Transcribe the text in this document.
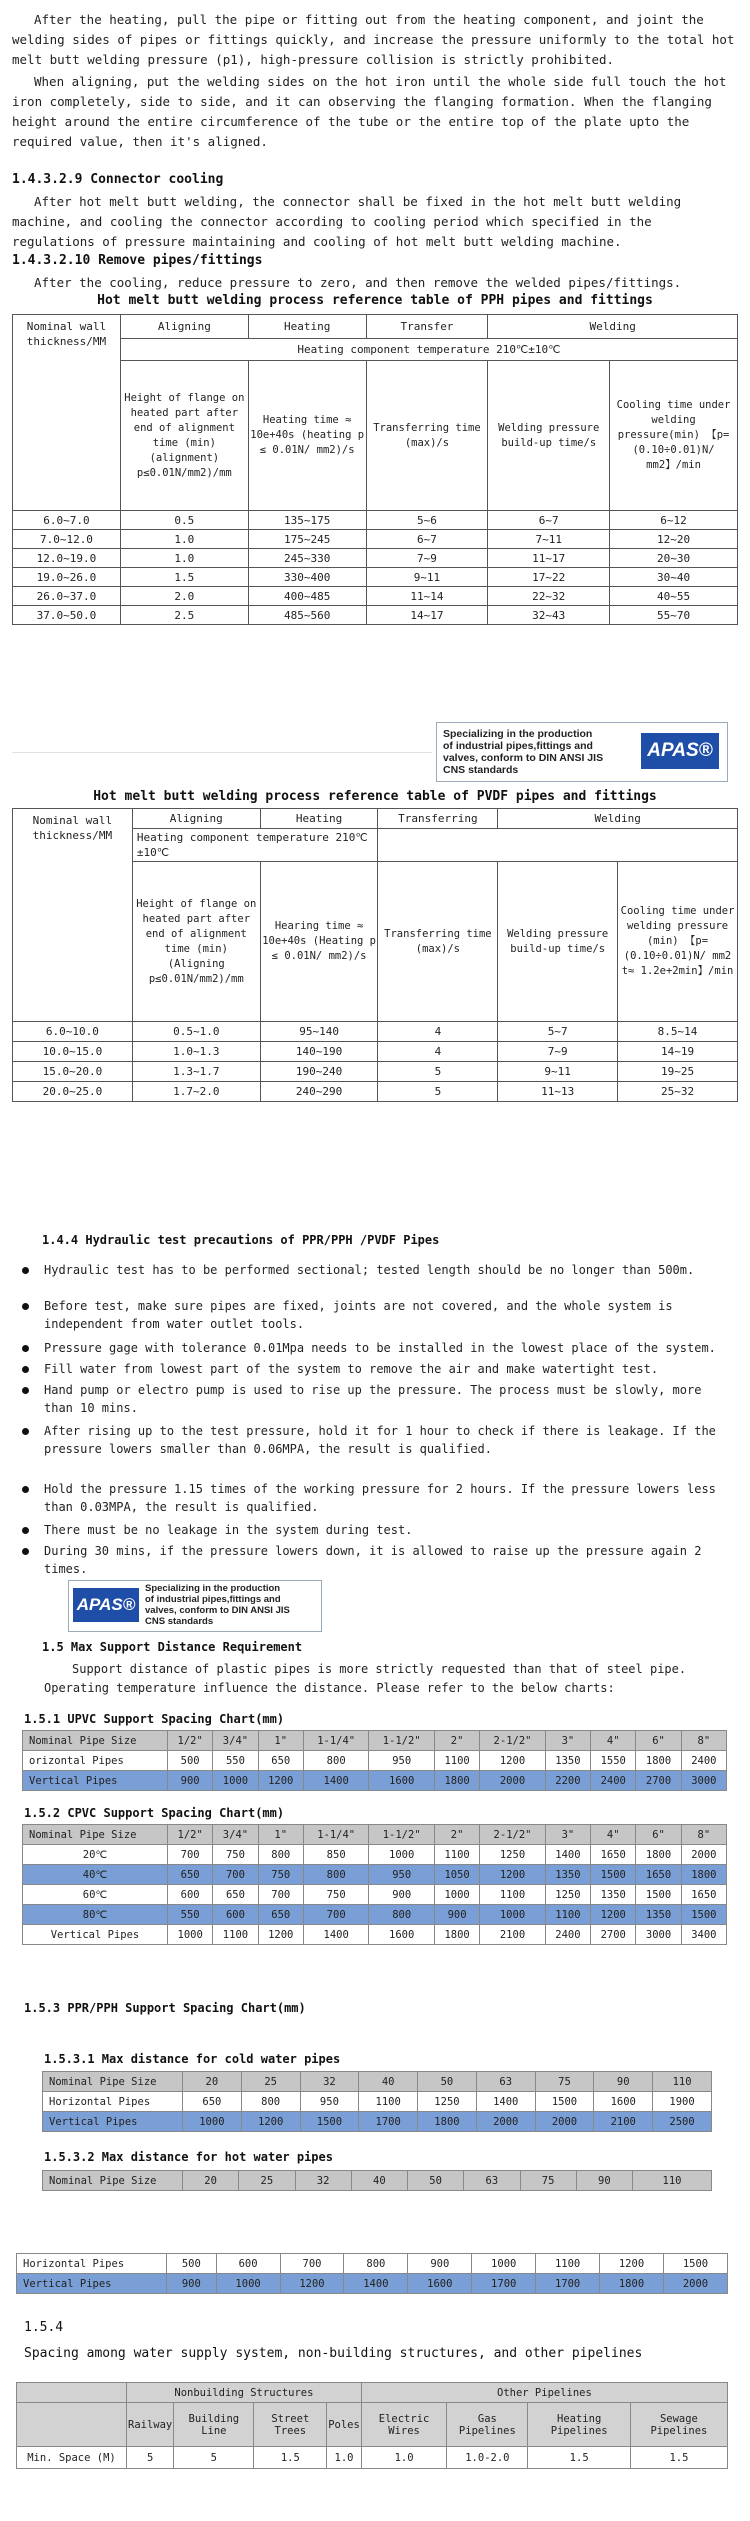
After the heating, pull the pipe or fitting out from the heating component, and joint the welding sides of pipes or fittings quickly, and increase the pressure uniformly to the total hot melt butt welding pressure (p1), high-pressure collision is strictly prohibited.
When aligning, put the welding sides on the hot iron until the whole side full touch the hot iron completely, side to side, and it can observing the flanging formation. When the flanging height around the entire circumference of the tube or the entire top of the plate upto the required value, then it's aligned.
1.4.3.2.9 Connector cooling
After hot melt butt welding, the connector shall be fixed in the hot melt butt welding machine, and cooling the connector according to cooling period which specified in the regulations of pressure maintaining and cooling of hot melt butt welding machine.
1.4.3.2.10 Remove pipes/fittings
After the cooling, reduce pressure to zero, and then remove the welded pipes/fittings.
Hot melt butt welding process reference table of PPH pipes and fittings
Nominal wall thickness/MM	Aligning	Heating	Transfer	Welding	
	Heating component temperature 210℃±10℃				
	Height of flange on heated part after end of alignment time (min) (alignment) p≤0.01N/mm2)/mm	Heating time ≈ 10e+40s (heating p ≤ 0.01N/ mm2)/s	Transferring time (max)/s	Welding pressure build-up time/s	Cooling time under welding pressure(min) 【p=(0.10÷0.01)N/ mm2】/min
6.0~7.0	0.5	135~175	5~6	6~7	6~12
7.0~12.0	1.0	175~245	6~7	7~11	12~20
12.0~19.0	1.0	245~330	7~9	11~17	20~30
19.0~26.0	1.5	330~400	9~11	17~22	30~40
26.0~37.0	2.0	400~485	11~14	22~32	40~55
37.0~50.0	2.5	485~560	14~17	32~43	55~70
Specializing in the production
of industrial pipes,fittings and
valves, conform to DIN ANSI JIS
CNS standards
APAS®
Hot melt butt welding process reference table of PVDF pipes and fittings
Nominal wall thickness/MM	Aligning	Heating	Transferring	Welding	
	Heating component temperature 210℃±10℃				
	Height of flange on heated part after end of alignment time (min) (Aligning p≤0.01N/mm2)/mm	Hearing time ≈ 10e+40s (Heating p ≤ 0.01N/ mm2)/s	Transferring time (max)/s	Welding pressure build-up time/s	Cooling time under welding pressure (min) 【p=(0.10÷0.01)N/ mm2 t≈ 1.2e+2min】/min
6.0~10.0	0.5~1.0	95~140	4	5~7	8.5~14
10.0~15.0	1.0~1.3	140~190	4	7~9	14~19
15.0~20.0	1.3~1.7	190~240	5	9~11	19~25
20.0~25.0	1.7~2.0	240~290	5	11~13	25~32
1.4.4 Hydraulic test precautions of PPR/PPH /PVDF Pipes
Hydraulic test has to be performed sectional; tested length should be no longer than 500m.
Before test, make sure pipes are fixed, joints are not covered, and the whole system is independent from water outlet tools.
Pressure gage with tolerance 0.01Mpa needs to be installed in the lowest place of the system.
Fill water from lowest part of the system to remove the air and make watertight test.
Hand pump or electro pump is used to rise up the pressure. The process must be slowly, more than 10 mins.
After rising up to the test pressure, hold it for 1 hour to check if there is leakage. If the pressure lowers smaller than 0.06MPA, the result is qualified.
Hold the pressure 1.15 times of the working pressure for 2 hours. If the pressure lowers less than 0.03MPA, the result is qualified.
There must be no leakage in the system during test.
During 30 mins, if the pressure lowers down, it is allowed to raise up the pressure again 2 times.
APAS®
Specializing in the production
of industrial pipes,fittings and
valves, conform to DIN ANSI JIS
CNS standards
1.5 Max Support Distance Requirement
Support distance of plastic pipes is more strictly requested than that of steel pipe. Operating temperature influence the distance. Please refer to the below charts:
1.5.1 UPVC Support Spacing Chart(mm)
Nominal Pipe Size	1/2"	3/4"	1"	1-1/4"	1-1/2"	2"	2-1/2"	3"	4"	6"	8"
orizontal Pipes	500	550	650	800	950	1100	1200	1350	1550	1800	2400
Vertical Pipes	900	1000	1200	1400	1600	1800	2000	2200	2400	2700	3000
1.5.2 CPVC Support Spacing Chart(mm)
Nominal Pipe Size	1/2"	3/4"	1"	1-1/4"	1-1/2"	2"	2-1/2"	3"	4"	6"	8"
20℃	700	750	800	850	1000	1100	1250	1400	1650	1800	2000
40℃	650	700	750	800	950	1050	1200	1350	1500	1650	1800
60℃	600	650	700	750	900	1000	1100	1250	1350	1500	1650
80℃	550	600	650	700	800	900	1000	1100	1200	1350	1500
Vertical Pipes	1000	1100	1200	1400	1600	1800	2100	2400	2700	3000	3400
1.5.3 PPR/PPH Support Spacing Chart(mm)
1.5.3.1 Max distance for cold water pipes
Nominal Pipe Size	20	25	32	40	50	63	75	90	110
Horizontal Pipes	650	800	950	1100	1250	1400	1500	1600	1900
Vertical Pipes	1000	1200	1500	1700	1800	2000	2000	2100	2500
1.5.3.2 Max distance for hot water pipes
Nominal Pipe Size	20	25	32	40	50	63	75	90	110
Horizontal Pipes	500	600	700	800	900	1000	1100	1200	1500
Vertical Pipes	900	1000	1200	1400	1600	1700	1700	1800	2000
1.5.4
Spacing among water supply system, non-building structures, and other pipelines
	Nonbuilding Structures				Other Pipelines			
	Railway	Building Line	Street Trees	Poles	Electric Wires	Gas Pipelines	Heating Pipelines	Sewage Pipelines
Min. Space (M)	5	5	1.5	1.0	1.0	1.0-2.0	1.5	1.5
